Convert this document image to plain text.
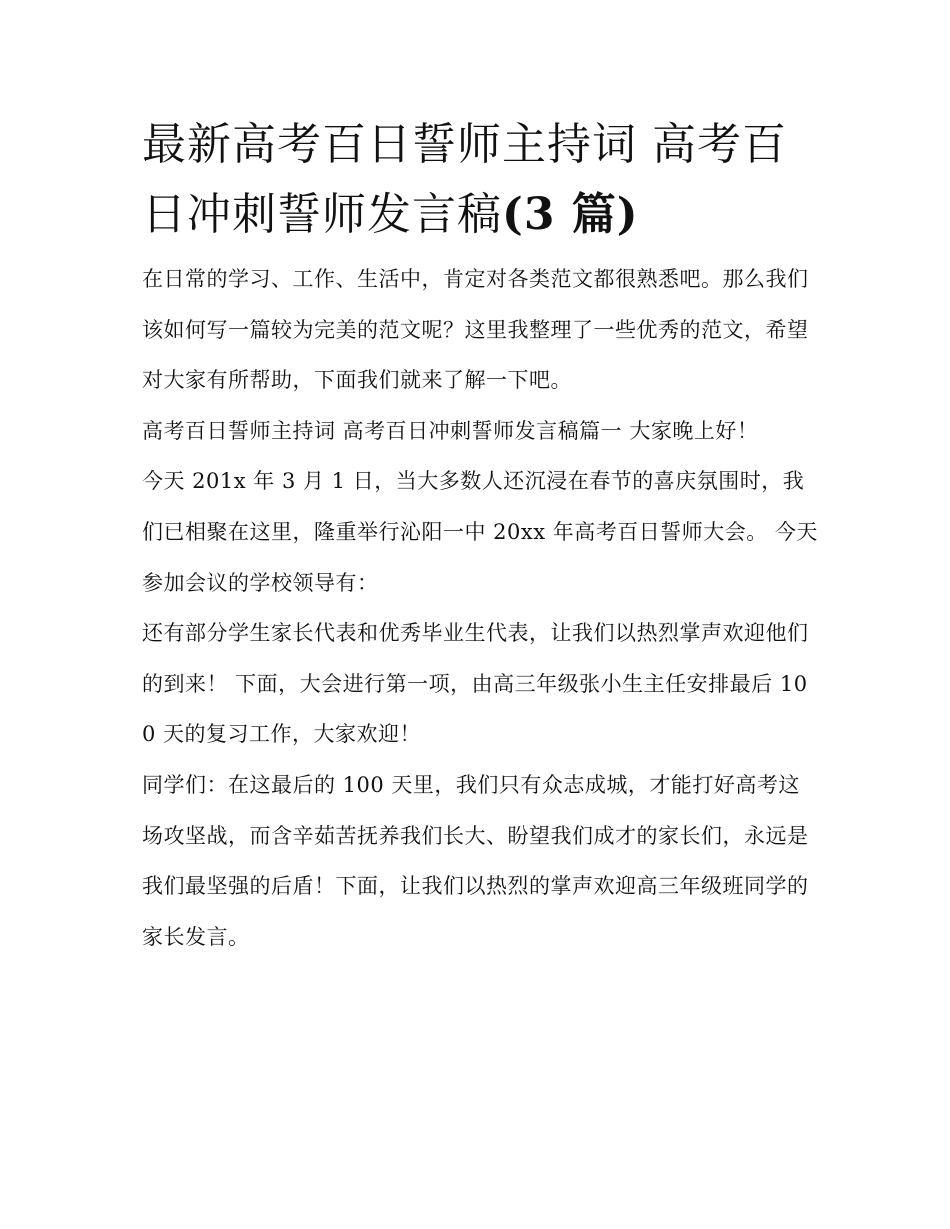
最新高考百日誓师主持词 高考百日冲刺誓师发言稿(3 篇)

在日常的学习、工作、生活中，肯定对各类范文都很熟悉吧。那么我们该如何写一篇较为完美的范文呢？这里我整理了一些优秀的范文，希望对大家有所帮助，下面我们就来了解一下吧。

高考百日誓师主持词 高考百日冲刺誓师发言稿篇一 大家晚上好！

今天 201x 年 3 月 1 日，当大多数人还沉浸在春节的喜庆氛围时，我们已相聚在这里，隆重举行沁阳一中 20xx 年高考百日誓师大会。 今天参加会议的学校领导有：

还有部分学生家长代表和优秀毕业生代表，让我们以热烈掌声欢迎他们的到来！ 下面，大会进行第一项，由高三年级张小生主任安排最后 100 天的复习工作，大家欢迎！

同学们：在这最后的 100 天里，我们只有众志成城，才能打好高考这场攻坚战，而含辛茹苦抚养我们长大、盼望我们成才的家长们，永远是我们最坚强的后盾！下面，让我们以热烈的掌声欢迎高三年级班同学的家长发言。
